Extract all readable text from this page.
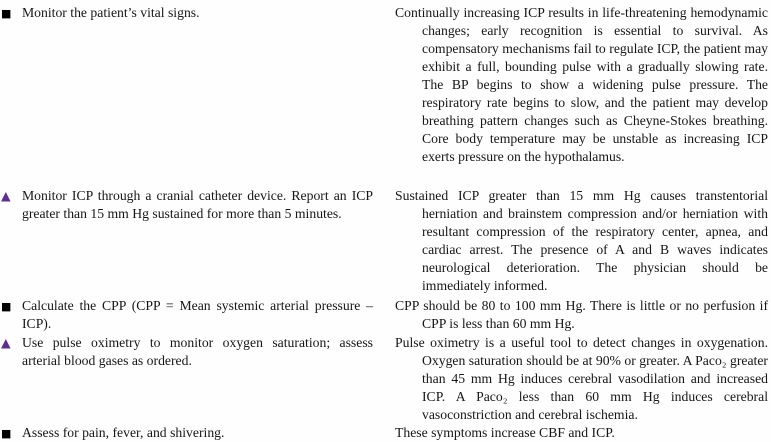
■ Monitor the patient’s vital signs.	Continually increasing ICP results in life-threatening hemodynamic changes; early recognition is essential to survival. As compensatory mechanisms fail to regulate ICP, the patient may exhibit a full, bounding pulse with a gradually slowing rate. The BP begins to show a widening pulse pressure. The respiratory rate begins to slow, and the patient may develop breathing pattern changes such as Cheyne-Stokes breathing. Core body temperature may be unstable as increasing ICP exerts pressure on the hypothalamus.

▲ Monitor ICP through a cranial catheter device. Report an ICP greater than 15 mm Hg sustained for more than 5 minutes.

Sustained ICP greater than 15 mm Hg causes transtentorial herniation and brainstem compression and/or herniation with resultant compression of the respiratory center, apnea, and cardiac arrest. The presence of A and B waves indicates neurological deterioration. The physician should be immediately informed.

■ Calculate the CPP (CPP = Mean systemic arterial pressure – ICP).

CPP should be 80 to 100 mm Hg. There is little or no perfusion if CPP is less than 60 mm Hg.

▲ Use pulse oximetry to monitor oxygen saturation; assess arterial blood gases as ordered.

Pulse oximetry is a useful tool to detect changes in oxygenation. Oxygen saturation should be at 90% or greater. A Paco₂ greater than 45 mm Hg induces cerebral vasodilation and increased ICP. A Paco₂ less than 60 mm Hg induces cerebral vasoconstriction and cerebral ischemia.

■ Assess for pain, fever, and shivering.	These symptoms increase CBF and ICP.
